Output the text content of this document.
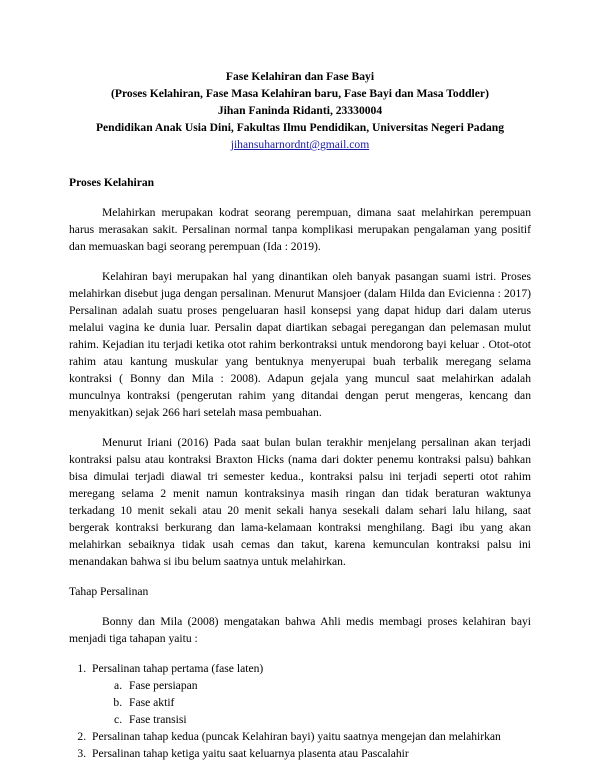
Fase Kelahiran dan Fase Bayi
(Proses Kelahiran, Fase Masa Kelahiran baru, Fase Bayi dan Masa Toddler)
Jihan Faninda Ridanti, 23330004
Pendidikan Anak Usia Dini, Fakultas Ilmu Pendidikan, Universitas Negeri Padang
jihansuharnordnt@gmail.com
Proses Kelahiran

Melahirkan merupakan kodrat seorang perempuan, dimana saat melahirkan perempuan harus merasakan sakit. Persalinan normal tanpa komplikasi merupakan pengalaman yang positif dan memuaskan bagi seorang perempuan (Ida : 2019).

Kelahiran bayi merupakan hal yang dinantikan oleh banyak pasangan suami istri. Proses melahirkan disebut juga dengan persalinan. Menurut Mansjoer (dalam Hilda dan Evicienna : 2017) Persalinan adalah suatu proses pengeluaran hasil konsepsi yang dapat hidup dari dalam uterus melalui vagina ke dunia luar. Persalin dapat diartikan sebagai peregangan dan pelemasan mulut rahim. Kejadian itu terjadi ketika otot rahim berkontraksi untuk mendorong bayi keluar . Otot-otot rahim atau kantung muskular yang bentuknya menyerupai buah terbalik meregang selama kontraksi ( Bonny dan Mila : 2008). Adapun gejala yang muncul saat melahirkan adalah munculnya kontraksi (pengerutan rahim yang ditandai dengan perut mengeras, kencang dan menyakitkan) sejak 266 hari setelah masa pembuahan.

Menurut Iriani (2016) Pada saat bulan bulan terakhir menjelang persalinan akan terjadi kontraksi palsu atau kontraksi Braxton Hicks (nama dari dokter penemu kontraksi palsu) bahkan bisa dimulai terjadi diawal tri semester kedua., kontraksi palsu ini terjadi seperti otot rahim meregang selama 2 menit namun kontraksinya masih ringan dan tidak beraturan waktunya terkadang 10 menit sekali atau 20 menit sekali hanya sesekali dalam sehari lalu hilang, saat bergerak kontraksi berkurang dan lama-kelamaan kontraksi menghilang. Bagi ibu yang akan melahirkan sebaiknya tidak usah cemas dan takut, karena kemunculan kontraksi palsu ini menandakan bahwa si ibu belum saatnya untuk melahirkan.

Tahap Persalinan

Bonny dan Mila (2008) mengatakan bahwa Ahli medis membagi proses kelahiran bayi menjadi tiga tahapan yaitu :

1. Persalinan tahap pertama (fase laten)
a. Fase persiapan
b. Fase aktif
c. Fase transisi
2. Persalinan tahap kedua (puncak Kelahiran bayi) yaitu saatnya mengejan dan melahirkan
3. Persalinan tahap ketiga yaitu saat keluarnya plasenta atau Pascalahir
